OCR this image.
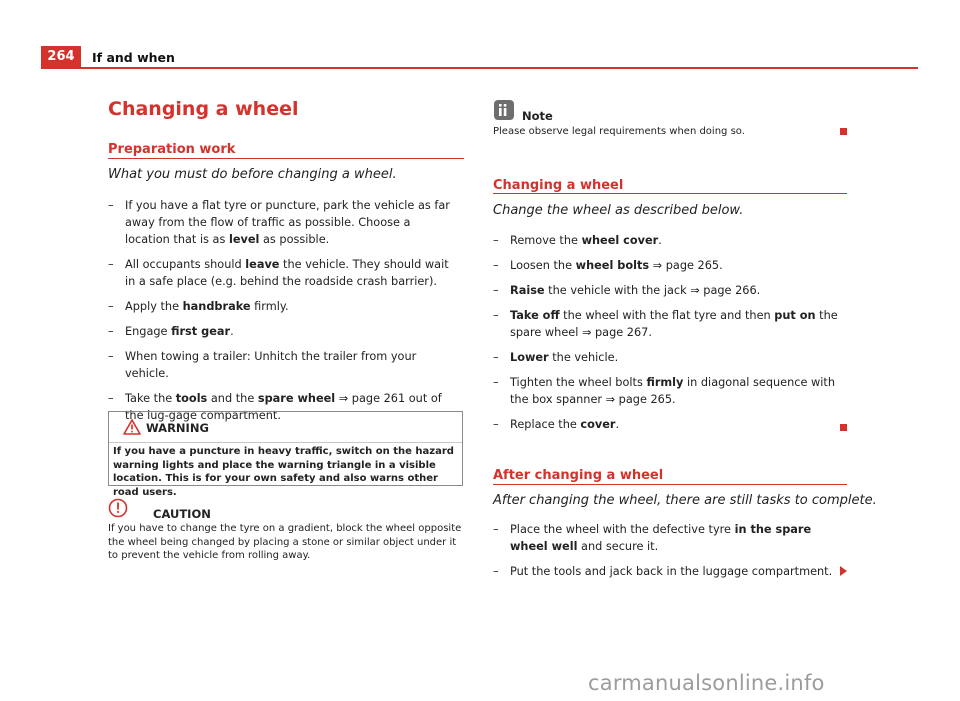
264	If and when
Changing a wheel
Preparation work
What you must do before changing a wheel.
– If you have a flat tyre or puncture, park the vehicle as far away from the flow of traffic as possible. Choose a location that is as level as possible.
– All occupants should leave the vehicle. They should wait in a safe place (e.g. behind the roadside crash barrier).
– Apply the handbrake firmly.
– Engage first gear.
– When towing a trailer: Unhitch the trailer from your vehicle.
– Take the tools and the spare wheel ⇒ page 261 out of the lug-gage compartment.
WARNING
If you have a puncture in heavy traffic, switch on the hazard warning lights and place the warning triangle in a visible location. This is for your own safety and also warns other road users.
CAUTION
If you have to change the tyre on a gradient, block the wheel opposite the wheel being changed by placing a stone or similar object under it to prevent the vehicle from rolling away.
Note
Please observe legal requirements when doing so.
Changing a wheel
Change the wheel as described below.
– Remove the wheel cover.
– Loosen the wheel bolts ⇒ page 265.
– Raise the vehicle with the jack ⇒ page 266.
– Take off the wheel with the flat tyre and then put on the spare wheel ⇒ page 267.
– Lower the vehicle.
– Tighten the wheel bolts firmly in diagonal sequence with the box spanner ⇒ page 265.
– Replace the cover.
After changing a wheel
After changing the wheel, there are still tasks to complete.
– Place the wheel with the defective tyre in the spare wheel well and secure it.
– Put the tools and jack back in the luggage compartment.
carmanualsonline.info
